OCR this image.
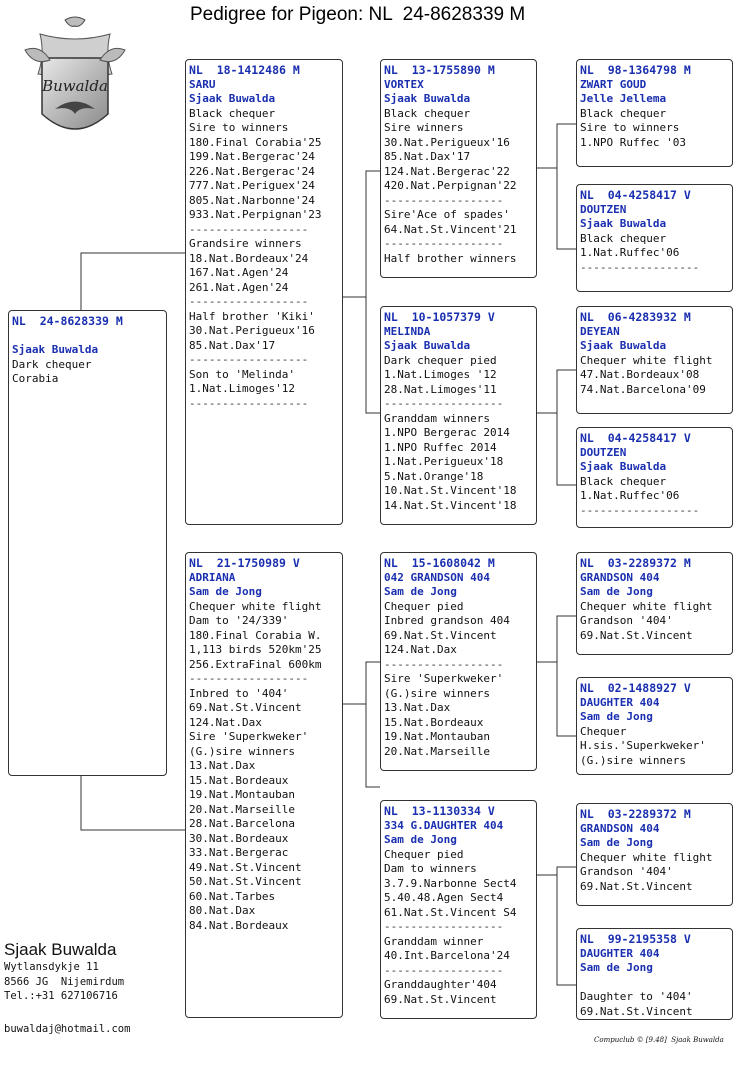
Pedigree for Pigeon: NL  24-8628339 M
Buwalda
NL  24-8628339 M
Sjaak Buwalda
Dark chequer
Corabia
NL  18-1412486 M
SARU
Sjaak Buwalda
Black chequer
Sire to winners
180.Final Corabia'25
199.Nat.Bergerac'24
226.Nat.Bergerac'24
777.Nat.Periguex'24
805.Nat.Narbonne'24
933.Nat.Perpignan'23
------------------
Grandsire winners
18.Nat.Bordeaux'24
167.Nat.Agen'24
261.Nat.Agen'24
------------------
Half brother 'Kiki'
30.Nat.Perigueux'16
85.Nat.Dax'17
------------------
Son to 'Melinda'
1.Nat.Limoges'12
------------------
NL  21-1750989 V
ADRIANA
Sam de Jong
Chequer white flight
Dam to '24/339'
180.Final Corabia W.
1,113 birds 520km'25
256.ExtraFinal 600km
------------------
Inbred to '404'
69.Nat.St.Vincent
124.Nat.Dax
Sire 'Superkweker'
(G.)sire winners
13.Nat.Dax
15.Nat.Bordeaux
19.Nat.Montauban
20.Nat.Marseille
28.Nat.Barcelona
30.Nat.Bordeaux
33.Nat.Bergerac
49.Nat.St.Vincent
50.Nat.St.Vincent
60.Nat.Tarbes
80.Nat.Dax
84.Nat.Bordeaux
NL  13-1755890 M
VORTEX
Sjaak Buwalda
Black chequer
Sire winners
30.Nat.Perigueux'16
85.Nat.Dax'17
124.Nat.Bergerac'22
420.Nat.Perpignan'22
------------------
Sire'Ace of spades'
64.Nat.St.Vincent'21
------------------
Half brother winners
NL  10-1057379 V
MELINDA
Sjaak Buwalda
Dark chequer pied
1.Nat.Limoges '12
28.Nat.Limoges'11
------------------
Granddam winners
1.NPO Bergerac 2014
1.NPO Ruffec 2014
1.Nat.Perigueux'18
5.Nat.Orange'18
10.Nat.St.Vincent'18
14.Nat.St.Vincent'18
NL  15-1608042 M
042 GRANDSON 404
Sam de Jong
Chequer pied
Inbred grandson 404
69.Nat.St.Vincent
124.Nat.Dax
------------------
Sire 'Superkweker'
(G.)sire winners
13.Nat.Dax
15.Nat.Bordeaux
19.Nat.Montauban
20.Nat.Marseille
NL  13-1130334 V
334 G.DAUGHTER 404
Sam de Jong
Chequer pied
Dam to winners
3.7.9.Narbonne Sect4
5.40.48.Agen Sect4
61.Nat.St.Vincent S4
------------------
Granddam winner
40.Int.Barcelona'24
------------------
Granddaughter'404
69.Nat.St.Vincent
NL  98-1364798 M
ZWART GOUD
Jelle Jellema
Black chequer
Sire to winners
1.NPO Ruffec '03
NL  04-4258417 V
DOUTZEN
Sjaak Buwalda
Black chequer
1.Nat.Ruffec'06
------------------
NL  06-4283932 M
DEYEAN
Sjaak Buwalda
Chequer white flight
47.Nat.Bordeaux'08
74.Nat.Barcelona'09
NL  04-4258417 V
DOUTZEN
Sjaak Buwalda
Black chequer
1.Nat.Ruffec'06
------------------
NL  03-2289372 M
GRANDSON 404
Sam de Jong
Chequer white flight
Grandson '404'
69.Nat.St.Vincent
NL  02-1488927 V
DAUGHTER 404
Sam de Jong
Chequer
H.sis.'Superkweker'
(G.)sire winners
NL  03-2289372 M
GRANDSON 404
Sam de Jong
Chequer white flight
Grandson '404'
69.Nat.St.Vincent
NL  99-2195358 V
DAUGHTER 404
Sam de Jong
Daughter to '404'
69.Nat.St.Vincent
Sjaak Buwalda
Wytlansdykje 11
8566 JG  Nijemirdum
Tel.:+31 627106716
buwaldaj@hotmail.com
Compuclub © [9.48]  Sjaak Buwalda
